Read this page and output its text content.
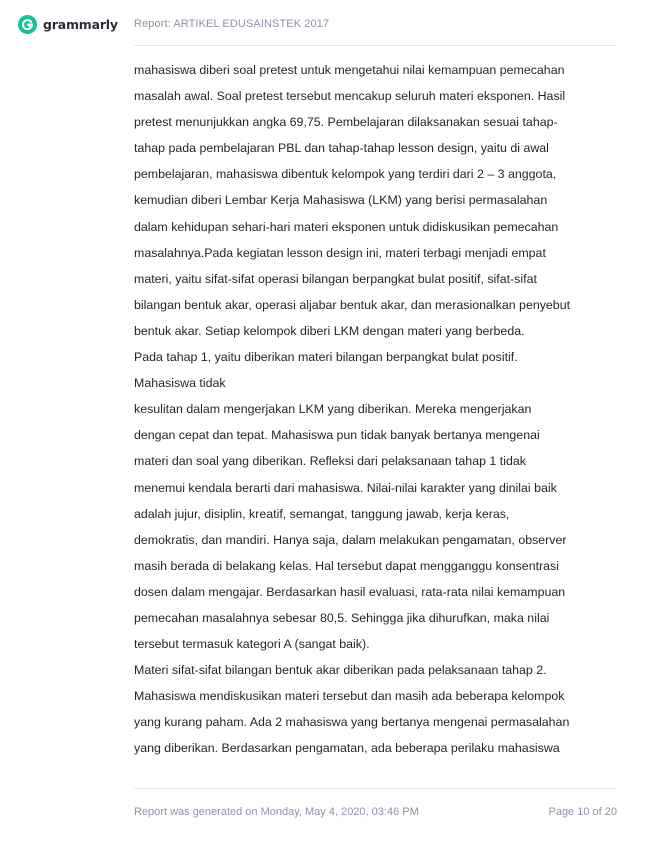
grammarly Report: ARTIKEL EDUSAINSTEK 2017
mahasiswa diberi soal pretest untuk mengetahui nilai kemampuan pemecahan
masalah awal. Soal pretest tersebut mencakup seluruh materi eksponen. Hasil
pretest menunjukkan angka 69,75. Pembelajaran dilaksanakan sesuai tahap-
tahap pada pembelajaran PBL dan tahap-tahap lesson design, yaitu di awal
pembelajaran, mahasiswa dibentuk kelompok yang terdiri dari 2 – 3 anggota,
kemudian diberi Lembar Kerja Mahasiswa (LKM) yang berisi permasalahan
dalam kehidupan sehari-hari materi eksponen untuk didiskusikan pemecahan
masalahnya.Pada kegiatan lesson design ini, materi terbagi menjadi empat
materi, yaitu sifat-sifat operasi bilangan berpangkat bulat positif, sifat-sifat
bilangan bentuk akar, operasi aljabar bentuk akar, dan merasionalkan penyebut
bentuk akar. Setiap kelompok diberi LKM dengan materi yang berbeda.
Pada tahap 1, yaitu diberikan materi bilangan berpangkat bulat positif.
Mahasiswa tidak
kesulitan dalam mengerjakan LKM yang diberikan. Mereka mengerjakan
dengan cepat dan tepat. Mahasiswa pun tidak banyak bertanya mengenai
materi dan soal yang diberikan. Refleksi dari pelaksanaan tahap 1 tidak
menemui kendala berarti dari mahasiswa. Nilai-nilai karakter yang dinilai baik
adalah jujur, disiplin, kreatif, semangat, tanggung jawab, kerja keras,
demokratis, dan mandiri. Hanya saja, dalam melakukan pengamatan, observer
masih berada di belakang kelas. Hal tersebut dapat mengganggu konsentrasi
dosen dalam mengajar. Berdasarkan hasil evaluasi, rata-rata nilai kemampuan
pemecahan masalahnya sebesar 80,5. Sehingga jika dihurufkan, maka nilai
tersebut termasuk kategori A (sangat baik).
Materi sifat-sifat bilangan bentuk akar diberikan pada pelaksanaan tahap 2.
Mahasiswa mendiskusikan materi tersebut dan masih ada beberapa kelompok
yang kurang paham. Ada 2 mahasiswa yang bertanya mengenai permasalahan
yang diberikan. Berdasarkan pengamatan, ada beberapa perilaku mahasiswa
Report was generated on Monday, May 4, 2020, 03:46 PM	Page 10 of 20
